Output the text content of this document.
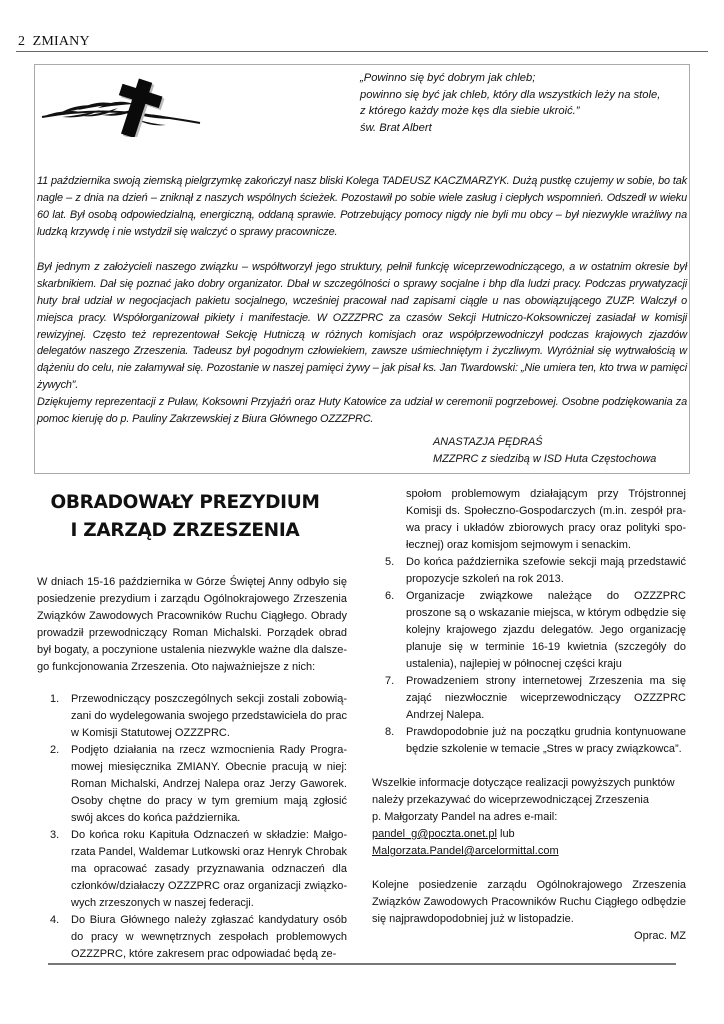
2 ZMIANY
„Powinno się być dobrym jak chleb;
powinno się być jak chleb, który dla wszystkich leży na stole,
z którego każdy może kęs dla siebie ukroić.”
św. Brat Albert

11 października swoją ziemską pielgrzymkę zakończył nasz bliski Kolega TADEUSZ KACZMARZYK. Dużą pustkę czujemy w sobie, bo tak nagle – z dnia na dzień – zniknął z naszych wspólnych ścieżek. Pozostawił po sobie wiele zasług i ciepłych wspomnień. Odszedł w wieku 60 lat. Był osobą odpowiedzialną, energiczną, oddaną sprawie. Potrzebujący pomocy nigdy nie byli mu obcy – był niezwykle wrażliwy na ludzką krzywdę i nie wstydził się walczyć o sprawy pracownicze.

Był jednym z założycieli naszego związku – współtworzył jego struktury, pełnił funkcję wiceprzewodniczącego, a w ostatnim okresie był skarbnikiem. Dał się poznać jako dobry organizator. Dbał w szczególności o sprawy socjalne i bhp dla ludzi pracy. Podczas prywatyzacji huty brał udział w negocjacjach pakietu socjalnego, wcześniej pracował nad zapisami ciągle u nas obowiązującego ZUZP. Walczył o miejsca pracy. Współorganizował pikiety i manifestacje. W OZZZPRC za czasów Sekcji Hutniczo-Koksowniczej zasiadał w komisji rewizyjnej. Często też reprezentował Sekcję Hutniczą w różnych komisjach oraz współprzewodniczył podczas krajowych zjazdów delegatów naszego Zrzeszenia. Tadeusz był pogodnym człowiekiem, zawsze uśmiechniętym i życzliwym. Wyróżniał się wytrwałością w dążeniu do celu, nie załamywał się. Pozostanie w naszej pamięci żywy – jak pisał ks. Jan Twardowski: „Nie umiera ten, kto trwa w pamięci żywych”.

Dziękujemy reprezentacji z Puław, Koksowni Przyjaźń oraz Huty Katowice za udział w ceremonii pogrzebowej. Osobne podziękowania za pomoc kieruję do p. Pauliny Zakrzewskiej z Biura Głównego OZZZPRC.

ANASTAZJA PĘDRAŚ
MZZPRC z siedzibą w ISD Huta Częstochowa
OBRADOWAŁY PREZYDIUM
I ZARZĄD ZRZESZENIA

W dniach 15-16 października w Górze Świętej Anny odbyło się posiedzenie prezydium i zarządu Ogólnokrajowego Zrzeszenia Związków Zawodowych Pracowników Ruchu Ciągłego. Obrady prowadził przewodniczący Roman Michalski. Porządek obrad był bogaty, a poczynione ustalenia niezwykle ważne dla dalszego funkcjonowania Zrzeszenia. Oto najważniejsze z nich:

1. Przewodniczący poszczególnych sekcji zostali zobowiązani do wydelegowania swojego przedstawiciela do prac w Komisji Statutowej OZZZPRC.
2. Podjęto działania na rzecz wzmocnienia Rady Programowej miesięcznika ZMIANY. Obecnie pracują w niej: Roman Michalski, Andrzej Nalepa oraz Jerzy Gaworek. Osoby chętne do pracy w tym gremium mają zgłosić swój akces do końca października.
3. Do końca roku Kapituła Odznaczeń w składzie: Małgorzata Pandel, Waldemar Lutkowski oraz Henryk Chrobak ma opracować zasady przyznawania odznaczeń dla członków/działaczy OZZZPRC oraz organizacji związkowych zrzeszonych w naszej federacji.
4. Do Biura Głównego należy zgłaszać kandydatury osób do pracy w wewnętrznych zespołach problemowych OZZZPRC, które zakresem prac odpowiadać będą ze-

społom problemowym działającym przy Trójstronnej Komisji ds. Społeczno-Gospodarczych (m.in. zespół prawa pracy i układów zbiorowych pracy oraz polityki społecznej) oraz komisjom sejmowym i senackim.

5. Do końca października szefowie sekcji mają przedstawić propozycje szkoleń na rok 2013.
6. Organizacje związkowe należące do OZZZPRC proszone są o wskazanie miejsca, w którym odbędzie się kolejny krajowego zjazdu delegatów. Jego organizację planuje się w terminie 16-19 kwietnia (szczegóły do ustalenia), najlepiej w północnej części kraju
7. Prowadzeniem strony internetowej Zrzeszenia ma się zająć niezwłocznie wiceprzewodniczący OZZZPRC Andrzej Nalepa.
8. Prawdopodobnie już na początku grudnia kontynuowane będzie szkolenie w temacie „Stres w pracy związkowca”.
Wszelkie informacje dotyczące realizacji powyższych punktów
należy przekazywać do wiceprzewodniczącej Zrzeszenia
p. Małgorzaty Pandel na adres e-mail:
pandel_g@poczta.onet.pl lub
Malgorzata.Pandel@arcelormittal.com

Kolejne posiedzenie zarządu Ogólnokrajowego Zrzeszenia Związków Zawodowych Pracowników Ruchu Ciągłego odbędzie się najprawdopodobniej już w listopadzie.

Oprac. MZ
